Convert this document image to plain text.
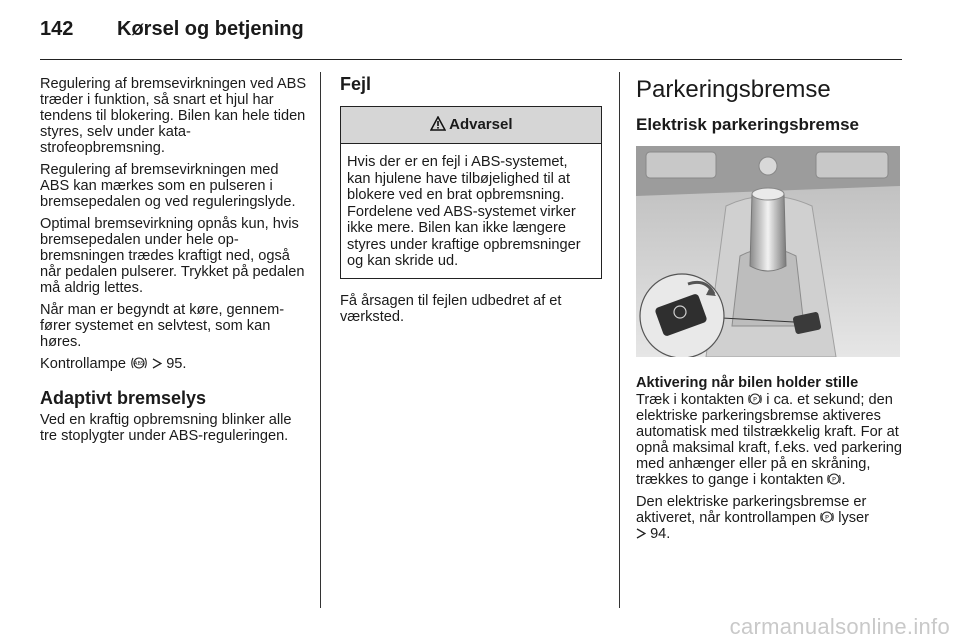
142	Kørsel og betjening

Regulering af bremsevirkningen ved ABS træder i funktion, så snart et hjul har tendens til blokering. Bilen kan hele tiden styres, selv under katastrofeopbremsning.

Regulering af bremsevirkningen med ABS kan mærkes som en pulseren i bremsepedalen og ved reguleringslyde.

Optimal bremsevirkning opnås kun, hvis bremsepedalen under hele opbremsningen trædes kraftigt ned, også når pedalen pulserer. Trykket på pedalen må aldrig lettes.

Når man er begyndt at køre, gennemfører systemet en selvtest, som kan høres.

Kontrollampe ABS 95.

Adaptivt bremselys

Ved en kraftig opbremsning blinker alle tre stoplygter under ABS-reguleringen.

Fejl
Advarsel
Hvis der er en fejl i ABS-systemet, kan hjulene have tilbøjelighed til at blokere ved en brat opbremsning. Fordelene ved ABS-systemet virker ikke mere. Bilen kan ikke længere styres under kraftige opbremsninger og kan skride ud.

Få årsagen til fejlen udbedret af et værksted.

Parkeringsbremse
Elektrisk parkeringsbremse
Aktivering når bilen holder stille

Træk i kontakten P i ca. et sekund; den elektriske parkeringsbremse aktiveres automatisk med tilstrækkelig kraft. For at opnå maksimal kraft, f.eks. ved parkering med anhænger eller på en skråning, trækkes to gange i kontakten P .

Den elektriske parkeringsbremse er aktiveret, når kontrollampen P lyser
94.

carmanualsonline.info
